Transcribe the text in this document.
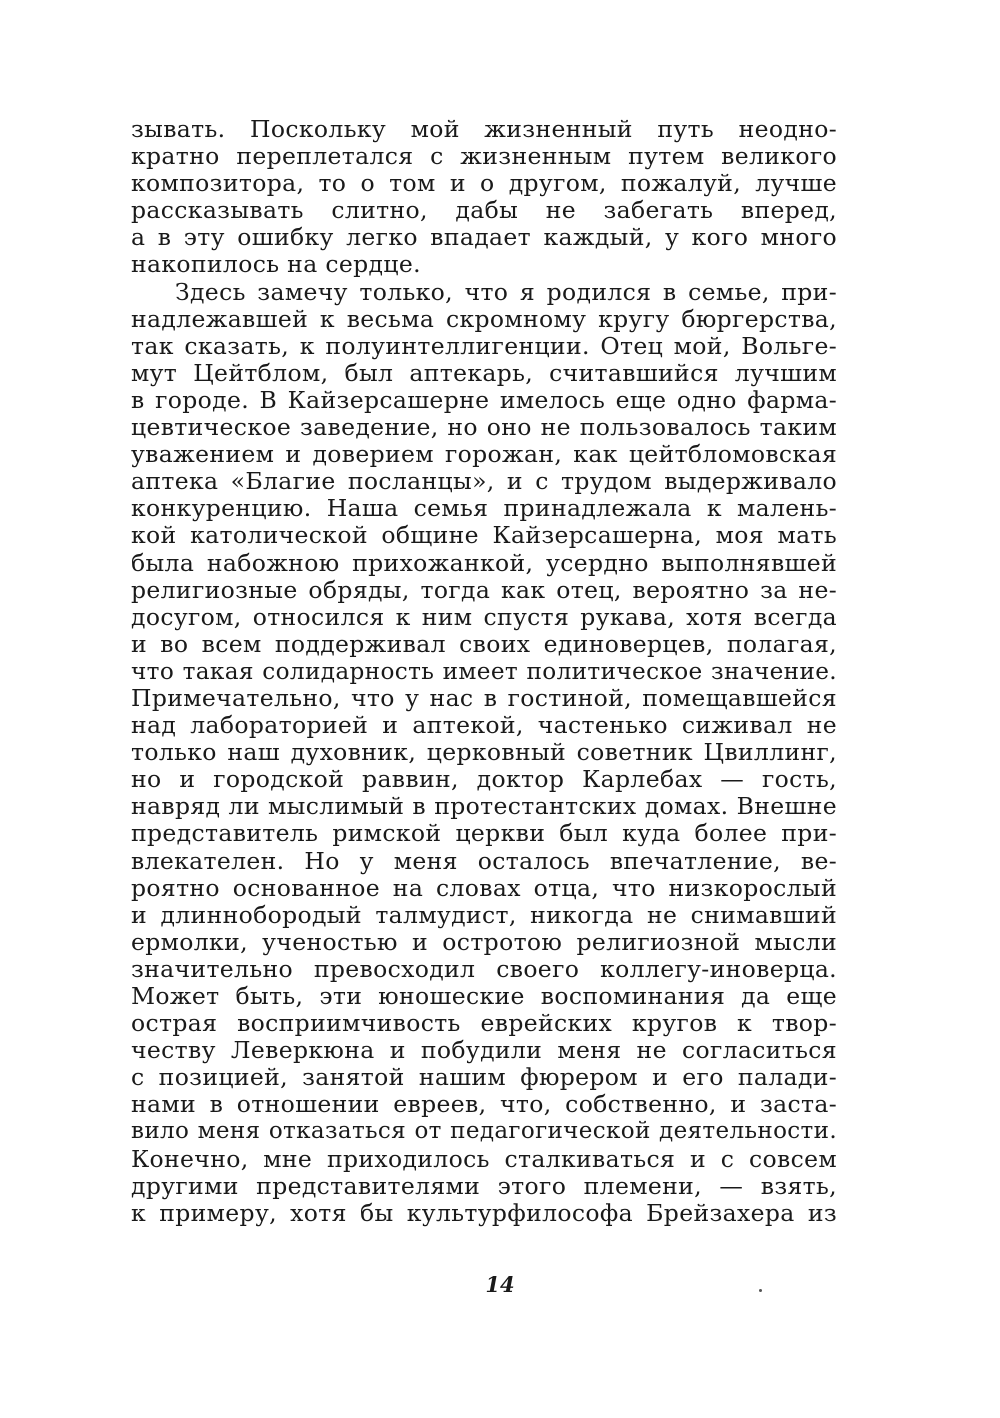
зывать. Поскольку мой жизненный путь неодно-
кратно переплетался с жизненным путем великого
композитора, то о том и о другом, пожалуй, лучше
рассказывать слитно, дабы не забегать вперед,
а в эту ошибку легко впадает каждый, у кого много
накопилось на сердце.
Здесь замечу только, что я родился в семье, при-
надлежавшей к весьма скромному кругу бюргерства,
так сказать, к полуинтеллигенции. Отец мой, Вольге-
мут Цейтблом, был аптекарь, считавшийся лучшим
в городе. В Кайзерсашерне имелось еще одно фарма-
цевтическое заведение, но оно не пользовалось таким
уважением и доверием горожан, как цейтбломовская
аптека «Благие посланцы», и с трудом выдерживало
конкуренцию. Наша семья принадлежала к малень-
кой католической общине Кайзерсашерна, моя мать
была набожною прихожанкой, усердно выполнявшей
религиозные обряды, тогда как отец, вероятно за не-
досугом, относился к ним спустя рукава, хотя всегда
и во всем поддерживал своих единоверцев, полагая,
что такая солидарность имеет политическое значение.
Примечательно, что у нас в гостиной, помещавшейся
над лабораторией и аптекой, частенько сиживал не
только наш духовник, церковный советник Цвиллинг,
но и городской раввин, доктор Карлебах — гость,
навряд ли мыслимый в протестантских домах. Внешне
представитель римской церкви был куда более при-
влекателен. Но у меня осталось впечатление, ве-
роятно основанное на словах отца, что низкорослый
и длиннобородый талмудист, никогда не снимавший
ермолки, ученостью и остротою религиозной мысли
значительно превосходил своего коллегу-иноверца.
Может быть, эти юношеские воспоминания да еще
острая восприимчивость еврейских кругов к твор-
честву Леверкюна и побудили меня не согласиться
с позицией, занятой нашим фюрером и его палади-
нами в отношении евреев, что, собственно, и заста-
вило меня отказаться от педагогической деятельности.
Конечно, мне приходилось сталкиваться и с совсем
другими представителями этого племени, — взять,
к примеру, хотя бы культурфилософа Брейзахера из
14
